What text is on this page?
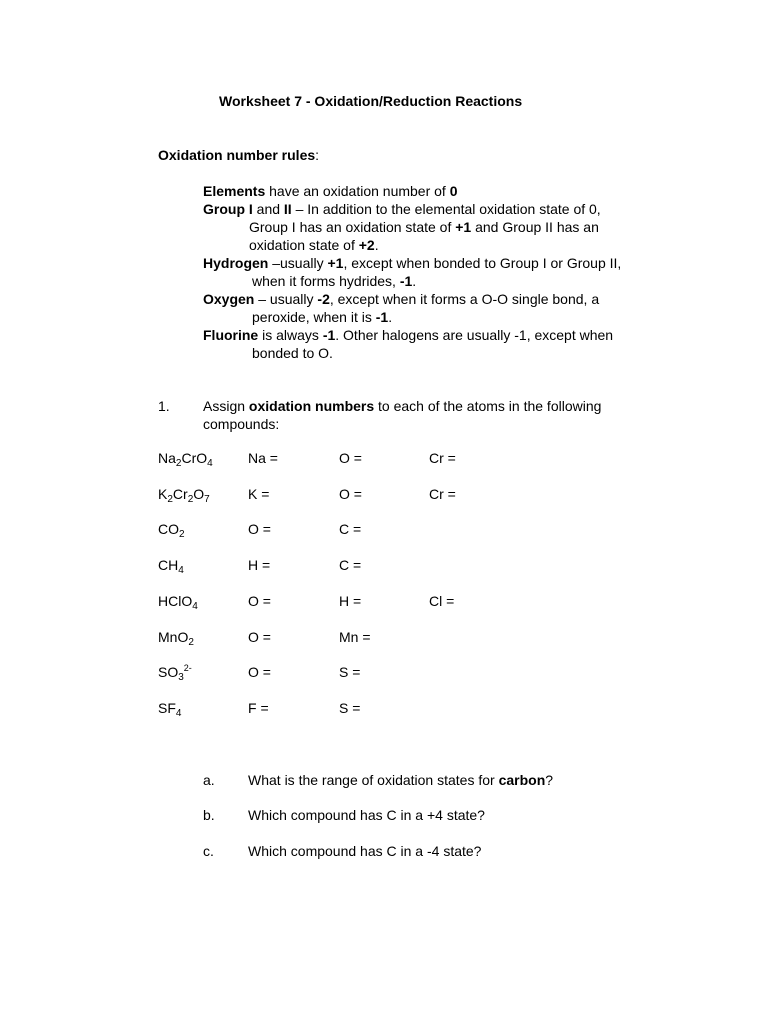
Worksheet 7 - Oxidation/Reduction Reactions
Oxidation number rules:
Elements have an oxidation number of 0
Group I and II – In addition to the elemental oxidation state of 0,
Group I has an oxidation state of +1 and Group II has an
oxidation state of +2.
Hydrogen –usually +1, except when bonded to Group I or Group II,
when it forms hydrides, -1.
Oxygen – usually -2, except when it forms a O-O single bond, a
peroxide, when it is -1.
Fluorine is always -1. Other halogens are usually -1, except when
bonded to O.
1. Assign oxidation numbers to each of the atoms in the following compounds:
$Na_2CrO_4$	Na =	O =	Cr =
$K_2Cr_2O_7$	K =	O =	Cr =
$CO_2$	O =	C =
$CH_4$	H =	C =
HClO$_4$	O =	H =	Cl =
MnO$_2$	O =	Mn =
$SO_3^{2-}$	O =	S =
$SF_4$	F =	S =
a. What is the range of oxidation states for carbon?
b. Which compound has C in a +4 state?
c. Which compound has C in a -4 state?
